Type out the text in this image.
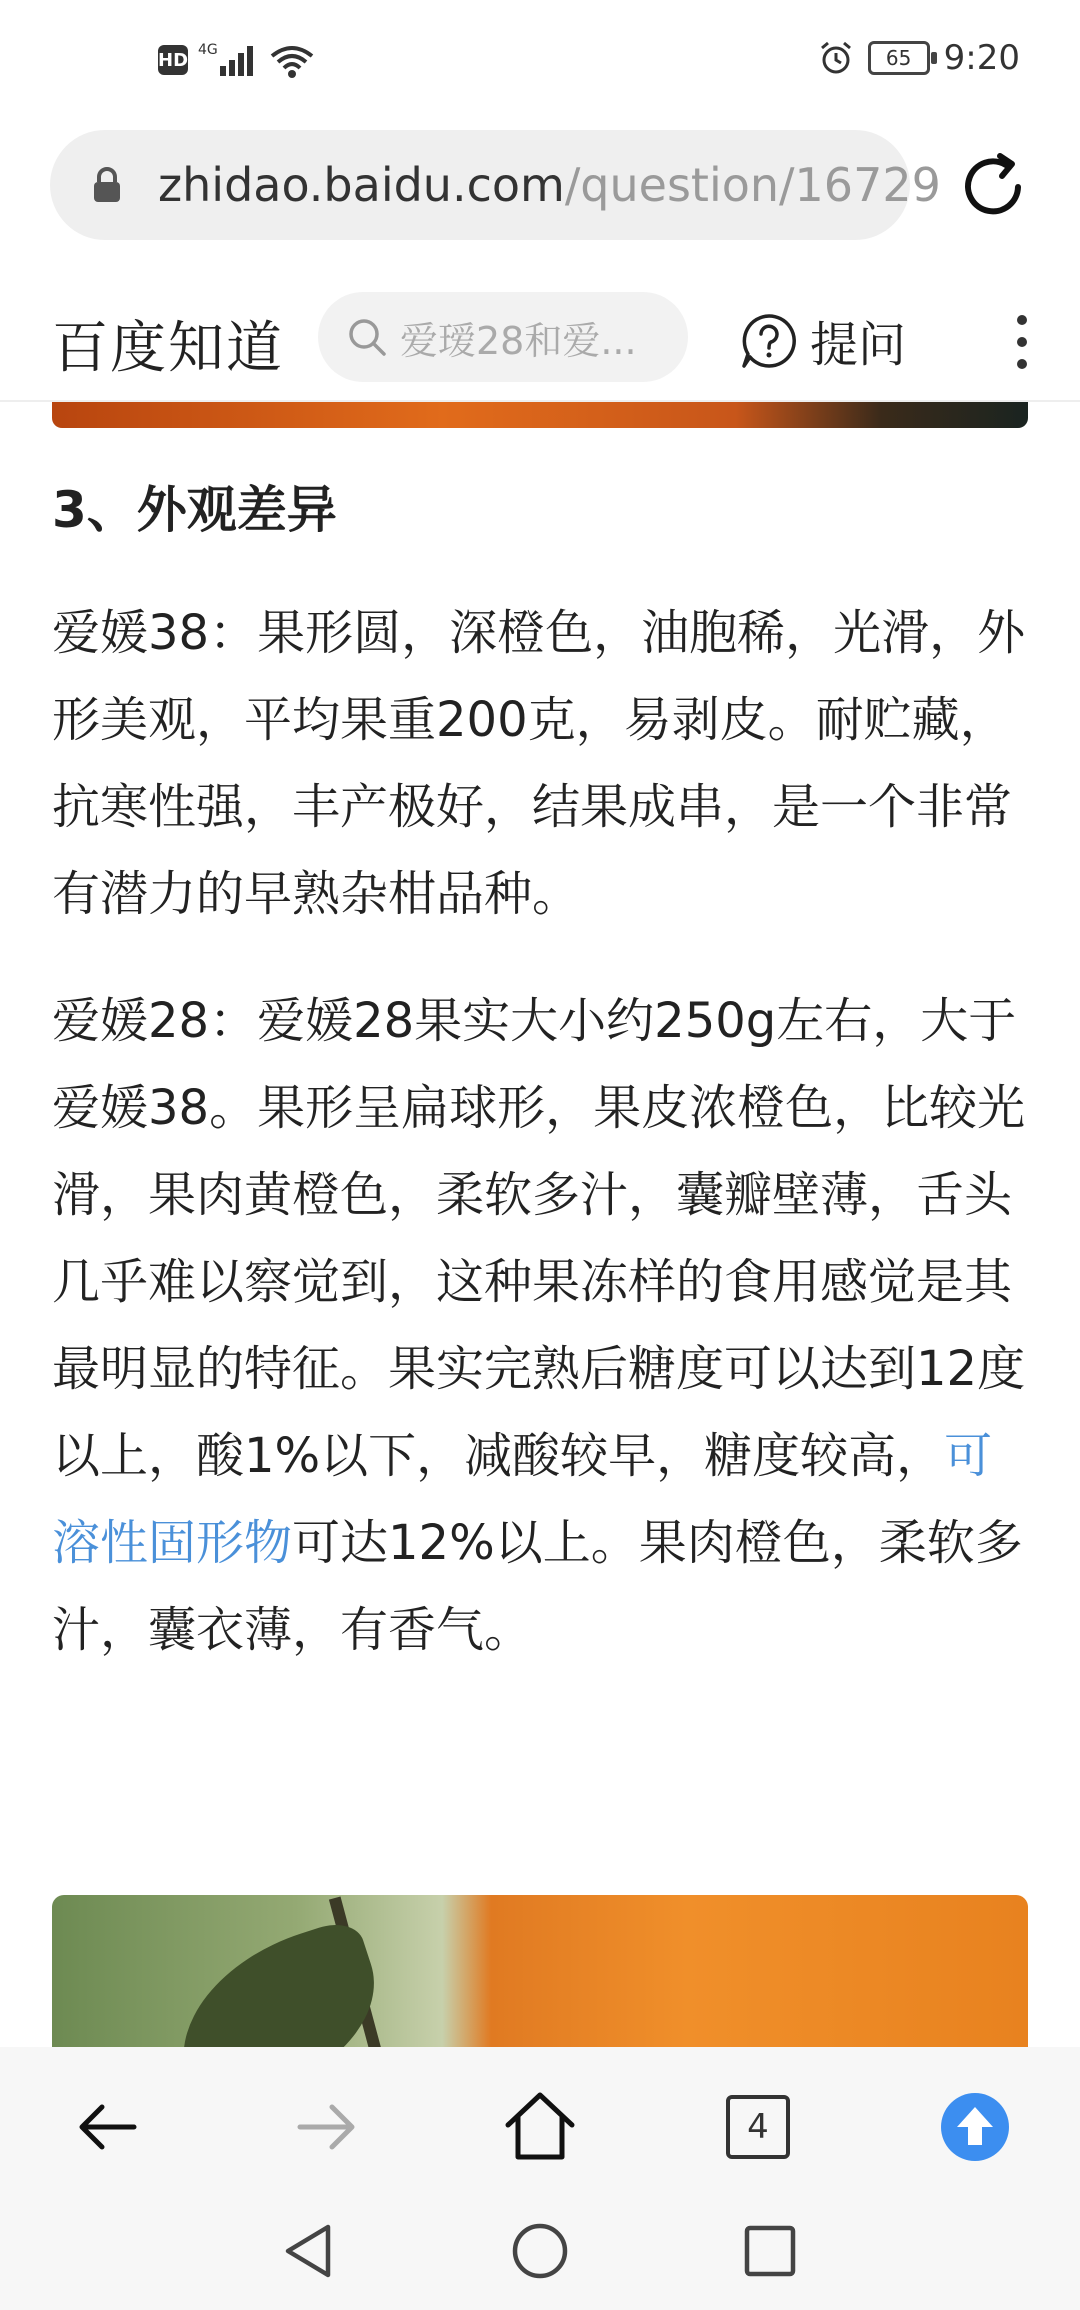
HD 4G	65 9:20
zhidao.baidu.com/question/16729
百度知道	爱瑷28和爱...	提问
3、外观差异

爱媛38：果形圆，深橙色，油胞稀，光滑，外形美观，平均果重200克，易剥皮。耐贮藏，抗寒性强，丰产极好，结果成串，是一个非常有潜力的早熟杂柑品种。

爱媛28：爱媛28果实大小约250g左右，大于爱媛38。果形呈扁球形，果皮浓橙色，比较光滑，果肉黄橙色，柔软多汁，囊瓣壁薄，舌头几乎难以察觉到，这种果冻样的食用感觉是其最明显的特征。果实完熟后糖度可以达到12度以上，酸1%以下，减酸较早，糖度较高，可溶性固形物可达12%以上。果肉橙色，柔软多汁，囊衣薄，有香气。

4
